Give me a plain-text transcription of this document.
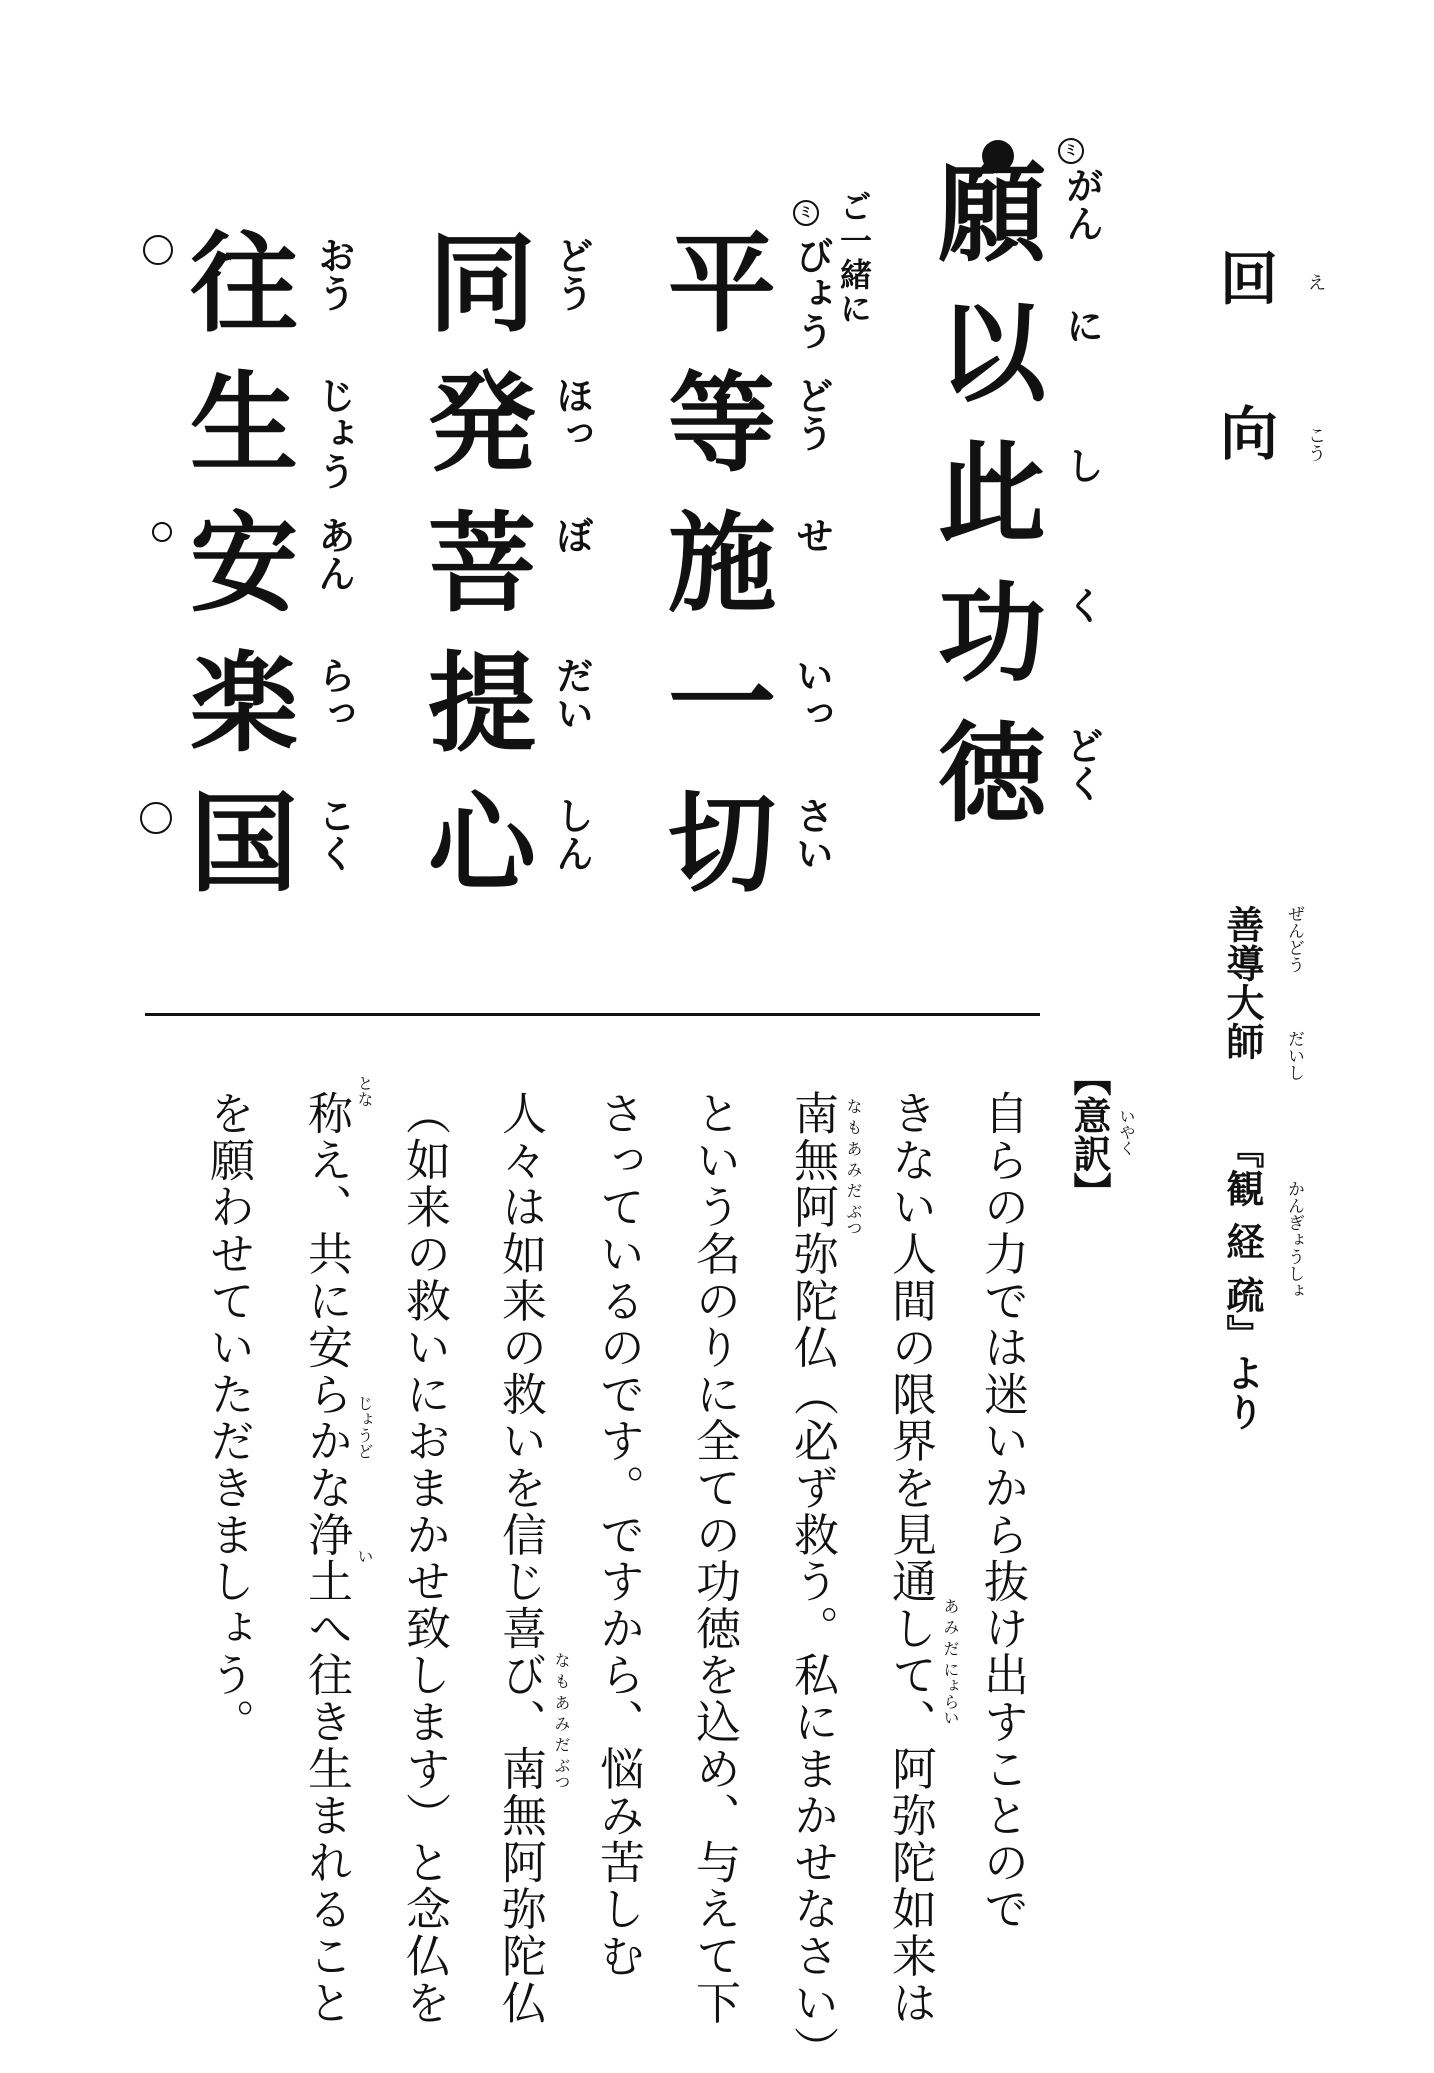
回 え
向 こう
ミ
ミ ご一緒に 願 がん
以 に
此 し
功 く
徳 どく
平 びょう
等 どう
施 せ
一 いっ
切 さい
同 どう
発 ほっ
菩 ぼ
提 だい
心 しん
往 おう
生 じょう
安 あん
楽 らっ
国 こく
ぜんどう
だいし
善導大師
『観 経 疏』より かんぎょうしょ
【意訳】 いやく
自らの力では迷いから抜け出すことので
きない人間の限界を見通して、阿弥陀如来は あ み だ にょらい
南無阿弥陀仏（必ず救う。私にまかせなさい） な も あ み だ ぶつ
という名のりに全ての功徳を込め、与えて下
さっているのです。ですから、悩み苦しむ
人々は如来の救いを信じ喜び、南無阿弥陀仏 な も あ み だ ぶつ
（如来の救いにおまかせ致します）と念仏を
称え、共に安らかな浄土へ往き生まれること とな
じょうど
い
を願わせていただきましょう。
